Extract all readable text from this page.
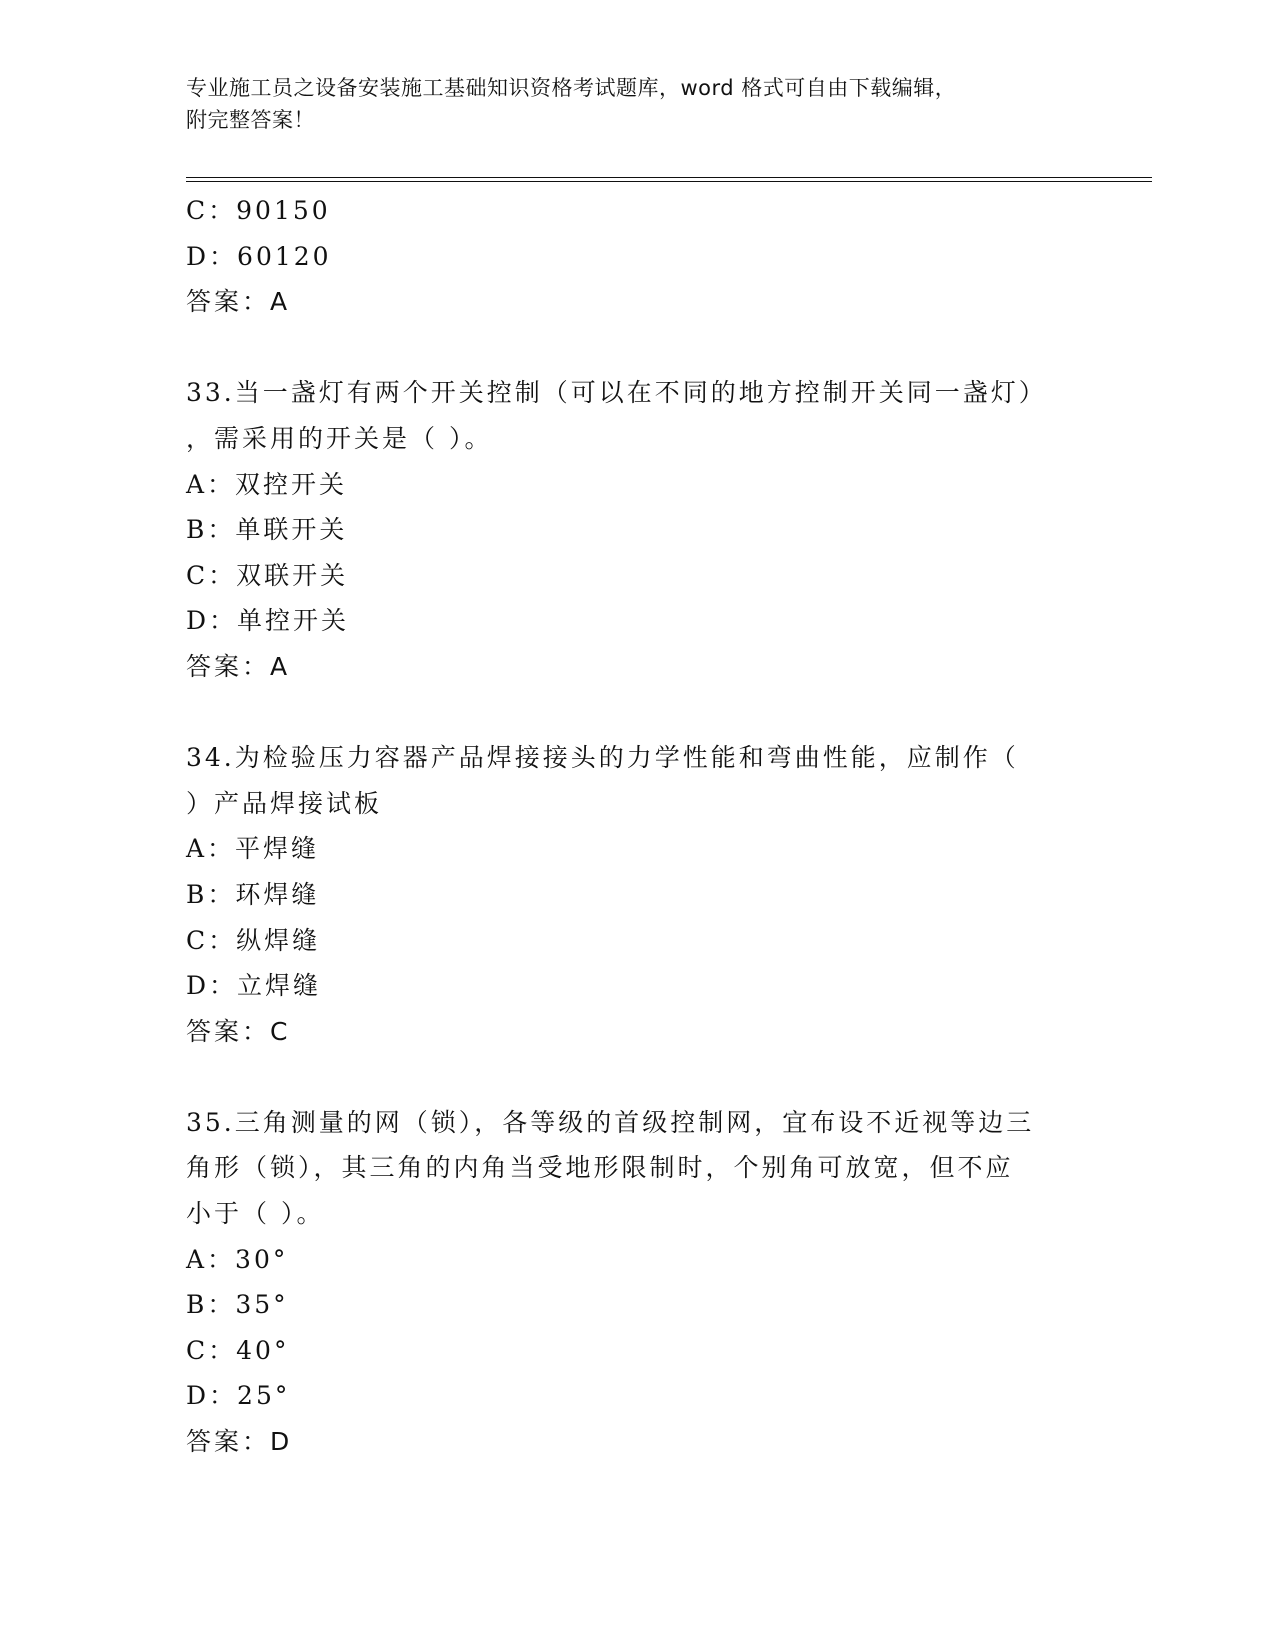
专业施工员之设备安装施工基础知识资格考试题库，word 格式可自由下载编辑，
附完整答案！
C：90150
D：60120
答案：A
33.当一盏灯有两个开关控制（可以在不同的地方控制开关同一盏灯）
，需采用的开关是（ ）。
A：双控开关
B：单联开关
C：双联开关
D：单控开关
答案：A
34.为检验压力容器产品焊接接头的力学性能和弯曲性能，应制作（
）产品焊接试板
A：平焊缝
B：环焊缝
C：纵焊缝
D：立焊缝
答案：C
35.三角测量的网（锁），各等级的首级控制网，宜布设不近视等边三
角形（锁），其三角的内角当受地形限制时，个别角可放宽，但不应
小于（ ）。
A：30°
B：35°
C：40°
D：25°
答案：D
